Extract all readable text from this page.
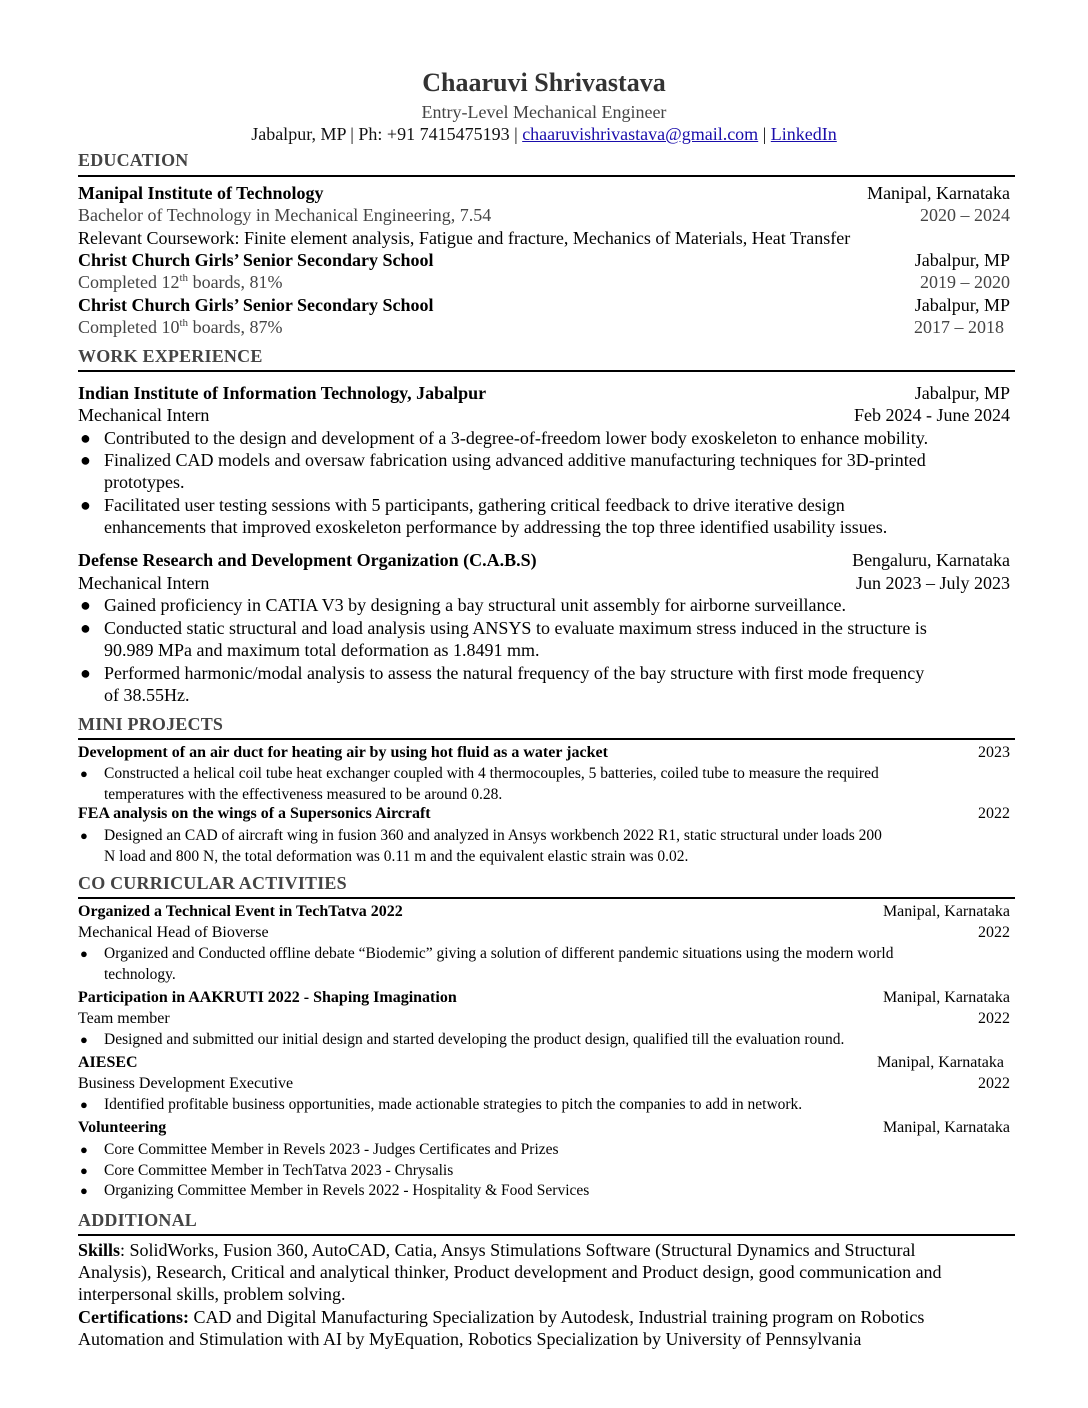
Chaaruvi Shrivastava
Entry-Level Mechanical Engineer
Jabalpur, MP | Ph: +91 7415475193 | chaaruvishrivastava@gmail.com | LinkedIn
EDUCATION
Manipal Institute of Technology	Manipal, Karnataka
Bachelor of Technology in Mechanical Engineering, 7.54	2020 – 2024
Relevant Coursework: Finite element analysis, Fatigue and fracture, Mechanics of Materials, Heat Transfer
Christ Church Girls’ Senior Secondary School	Jabalpur, MP
Completed 12th boards, 81%	2019 – 2020
Christ Church Girls’ Senior Secondary School	Jabalpur, MP
Completed 10th boards, 87%	2017 – 2018
WORK EXPERIENCE
Indian Institute of Information Technology, Jabalpur	Jabalpur, MP
Mechanical Intern	Feb 2024 - June 2024
● Contributed to the design and development of a 3-degree-of-freedom lower body exoskeleton to enhance mobility.
● Finalized CAD models and oversaw fabrication using advanced additive manufacturing techniques for 3D-printed
prototypes.
● Facilitated user testing sessions with 5 participants, gathering critical feedback to drive iterative design
enhancements that improved exoskeleton performance by addressing the top three identified usability issues.
Defense Research and Development Organization (C.A.B.S)	Bengaluru, Karnataka
Mechanical Intern	Jun 2023 – July 2023
● Gained proficiency in CATIA V3 by designing a bay structural unit assembly for airborne surveillance.
● Conducted static structural and load analysis using ANSYS to evaluate maximum stress induced in the structure is
90.989 MPa and maximum total deformation as 1.8491 mm.
● Performed harmonic/modal analysis to assess the natural frequency of the bay structure with first mode frequency
of 38.55Hz.
MINI PROJECTS
Development of an air duct for heating air by using hot fluid as a water jacket	2023
● Constructed a helical coil tube heat exchanger coupled with 4 thermocouples, 5 batteries, coiled tube to measure the required
temperatures with the effectiveness measured to be around 0.28.
FEA analysis on the wings of a Supersonics Aircraft	2022
● Designed an CAD of aircraft wing in fusion 360 and analyzed in Ansys workbench 2022 R1, static structural under loads 200
N load and 800 N, the total deformation was 0.11 m and the equivalent elastic strain was 0.02.
CO CURRICULAR ACTIVITIES
Organized a Technical Event in TechTatva 2022	Manipal, Karnataka
Mechanical Head of Bioverse	2022
● Organized and Conducted offline debate “Biodemic” giving a solution of different pandemic situations using the modern world
technology.
Participation in AAKRUTI 2022 - Shaping Imagination	Manipal, Karnataka
Team member	2022
● Designed and submitted our initial design and started developing the product design, qualified till the evaluation round.
AIESEC	Manipal, Karnataka
Business Development Executive	2022
● Identified profitable business opportunities, made actionable strategies to pitch the companies to add in network.
Volunteering	Manipal, Karnataka
● Core Committee Member in Revels 2023 - Judges Certificates and Prizes
● Core Committee Member in TechTatva 2023 - Chrysalis
● Organizing Committee Member in Revels 2022 - Hospitality & Food Services
ADDITIONAL
Skills: SolidWorks, Fusion 360, AutoCAD, Catia, Ansys Stimulations Software (Structural Dynamics and Structural
Analysis), Research, Critical and analytical thinker, Product development and Product design, good communication and
interpersonal skills, problem solving.
Certifications: CAD and Digital Manufacturing Specialization by Autodesk, Industrial training program on Robotics
Automation and Stimulation with AI by MyEquation, Robotics Specialization by University of Pennsylvania
